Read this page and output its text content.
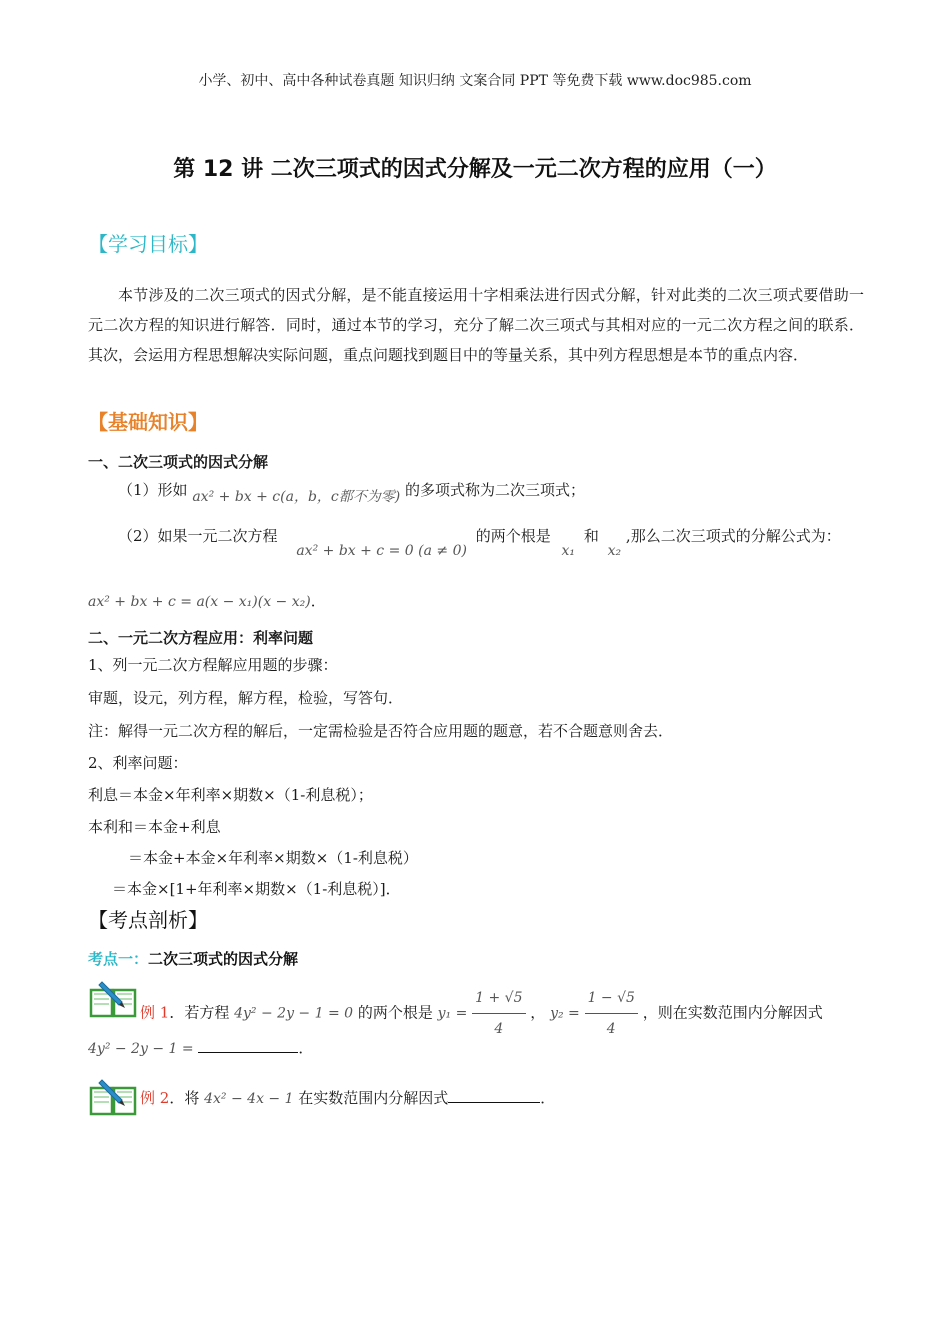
小学、初中、高中各种试卷真题 知识归纳 文案合同 PPT 等免费下载 www.doc985.com
第 12 讲 二次三项式的因式分解及一元二次方程的应用（一）
【学习目标】
本节涉及的二次三项式的因式分解，是不能直接运用十字相乘法进行因式分解，针对此类的二次三项式要借助一元二次方程的知识进行解答．同时，通过本节的学习，充分了解二次三项式与其相对应的一元二次方程之间的联系．其次，会运用方程思想解决实际问题，重点问题找到题目中的等量关系，其中列方程思想是本节的重点内容．
【基础知识】
一、二次三项式的因式分解
（1）形如 ax² + bx + c(a，b，c都不为零) 的多项式称为二次三项式；
（2）如果一元二次方程 ax² + bx + c = 0 (a ≠ 0) 的两个根是 x₁ 和 x₂ ,那么二次三项式的分解公式为：
ax² + bx + c = a(x − x₁)(x − x₂)．
二、一元二次方程应用：利率问题
1、列一元二次方程解应用题的步骤：
审题，设元，列方程，解方程，检验，写答句．
注：解得一元二次方程的解后，一定需检验是否符合应用题的题意，若不合题意则舍去．
2、利率问题：
利息＝本金×年利率×期数×（1-利息税）；
本利和＝本金+利息
＝本金+本金×年利率×期数×（1-利息税）
＝本金×[1+年利率×期数×（1-利息税）]．
【考点剖析】
考点一：二次三项式的因式分解
例 1．若方程 4y² − 2y − 1 = 0 的两个根是 $y_1 = \frac{1 + √5}{4}$ ， $y_2 = \frac{1 - √5}{4}$ ，则在实数范围内分解因式
4y² − 2y − 1 =	．
例 2．将 4x² − 4x − 1 在实数范围内分解因式	．
